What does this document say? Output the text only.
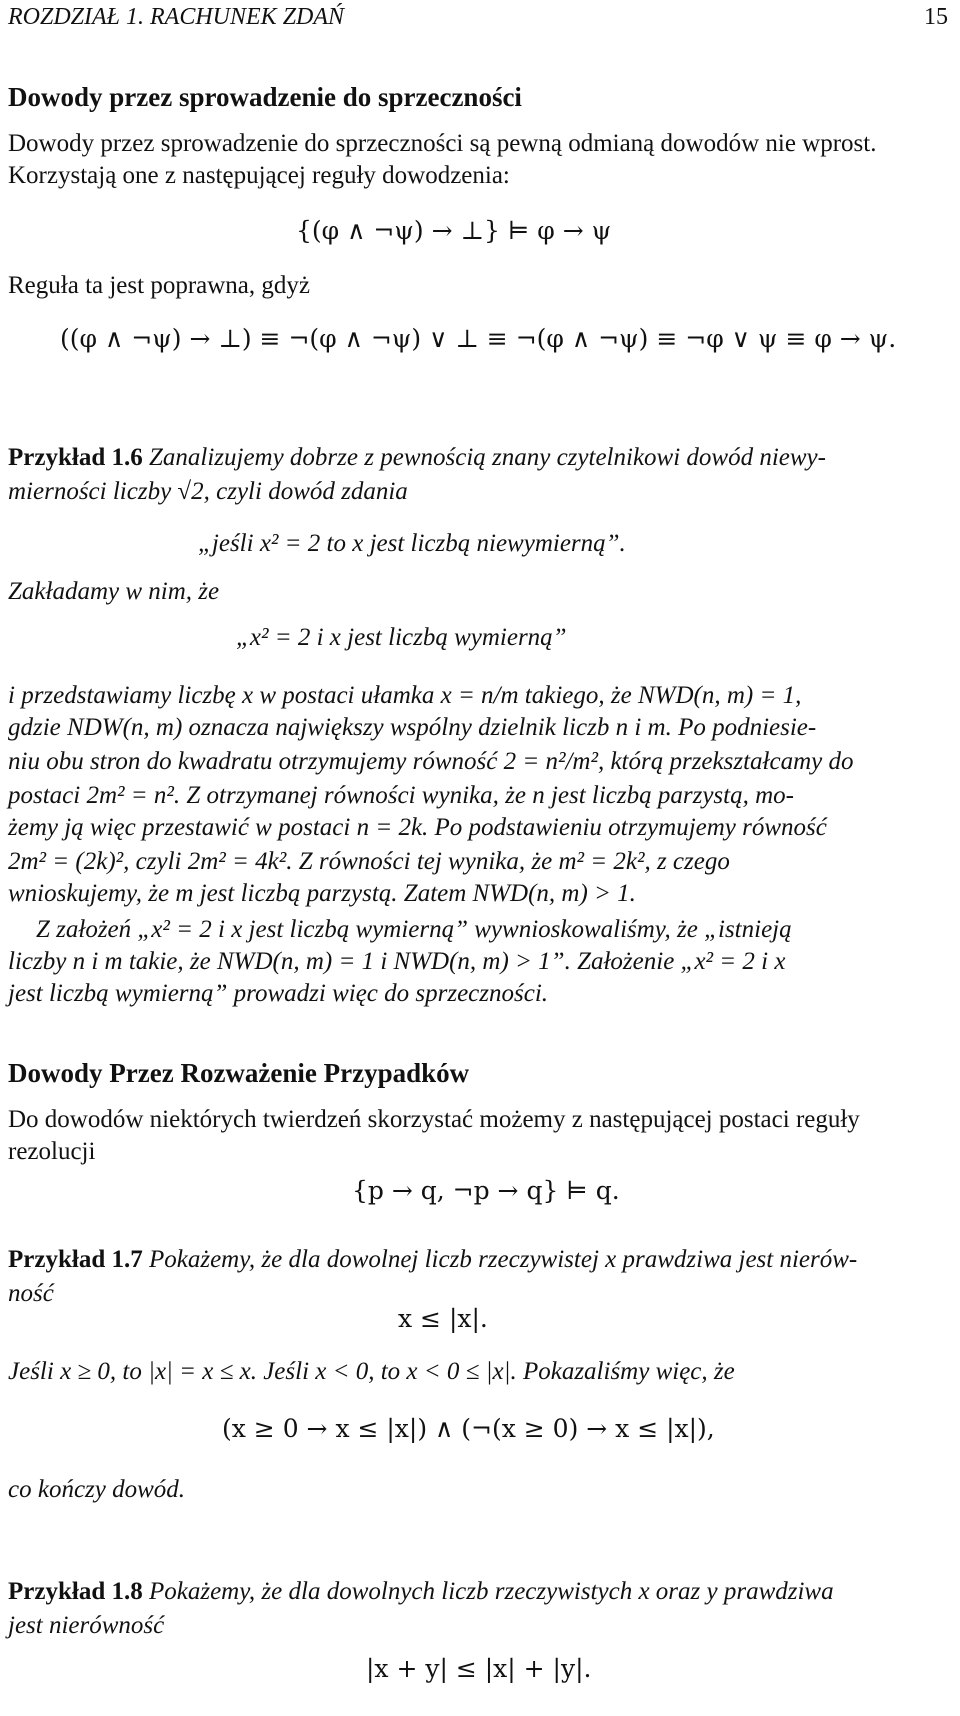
ROZDZIAŁ 1. RACHUNEK ZDAŃ	15
Dowody przez sprowadzenie do sprzeczności
Dowody przez sprowadzenie do sprzeczności są pewną odmianą dowodów nie wprost.
Korzystają one z następującej reguły dowodzenia:
{(φ ∧ ¬ψ) → ⊥} ⊨ φ → ψ
Reguła ta jest poprawna, gdyż
((φ ∧ ¬ψ) → ⊥) ≡ ¬(φ ∧ ¬ψ) ∨ ⊥ ≡ ¬(φ ∧ ¬ψ) ≡ ¬φ ∨ ψ ≡ φ → ψ.
Przykład 1.6 Zanalizujemy dobrze z pewnością znany czytelnikowi dowód niewy-
mierności liczby √2, czyli dowód zdania
„jeśli x² = 2 to x jest liczbą niewymierną”.
Zakładamy w nim, że
„x² = 2 i x jest liczbą wymierną”
i przedstawiamy liczbę x w postaci ułamka x = n/m takiego, że NWD(n, m) = 1,
gdzie NDW(n, m) oznacza największy wspólny dzielnik liczb n i m. Po podniesie-
niu obu stron do kwadratu otrzymujemy równość 2 = n²/m², którą przekształcamy do
postaci 2m² = n². Z otrzymanej równości wynika, że n jest liczbą parzystą, mo-
żemy ją więc przestawić w postaci n = 2k. Po podstawieniu otrzymujemy równość
2m² = (2k)², czyli 2m² = 4k². Z równości tej wynika, że m² = 2k², z czego
wnioskujemy, że m jest liczbą parzystą. Zatem NWD(n, m) > 1.
Z założeń „x² = 2 i x jest liczbą wymierną” wywnioskowaliśmy, że „istnieją
liczby n i m takie, że NWD(n, m) = 1 i NWD(n, m) > 1”. Założenie „x² = 2 i x
jest liczbą wymierną” prowadzi więc do sprzeczności.
Dowody Przez Rozważenie Przypadków
Do dowodów niektórych twierdzeń skorzystać możemy z następującej postaci reguły
rezolucji
{p → q, ¬p → q} ⊨ q.
Przykład 1.7 Pokażemy, że dla dowolnej liczb rzeczywistej x prawdziwa jest nierów-
ność
x ≤ |x|.
Jeśli x ≥ 0, to |x| = x ≤ x. Jeśli x < 0, to x < 0 ≤ |x|. Pokazaliśmy więc, że
(x ≥ 0 → x ≤ |x|) ∧ (¬(x ≥ 0) → x ≤ |x|),
co kończy dowód.
Przykład 1.8 Pokażemy, że dla dowolnych liczb rzeczywistych x oraz y prawdziwa
jest nierówność
|x + y| ≤ |x| + |y|.
